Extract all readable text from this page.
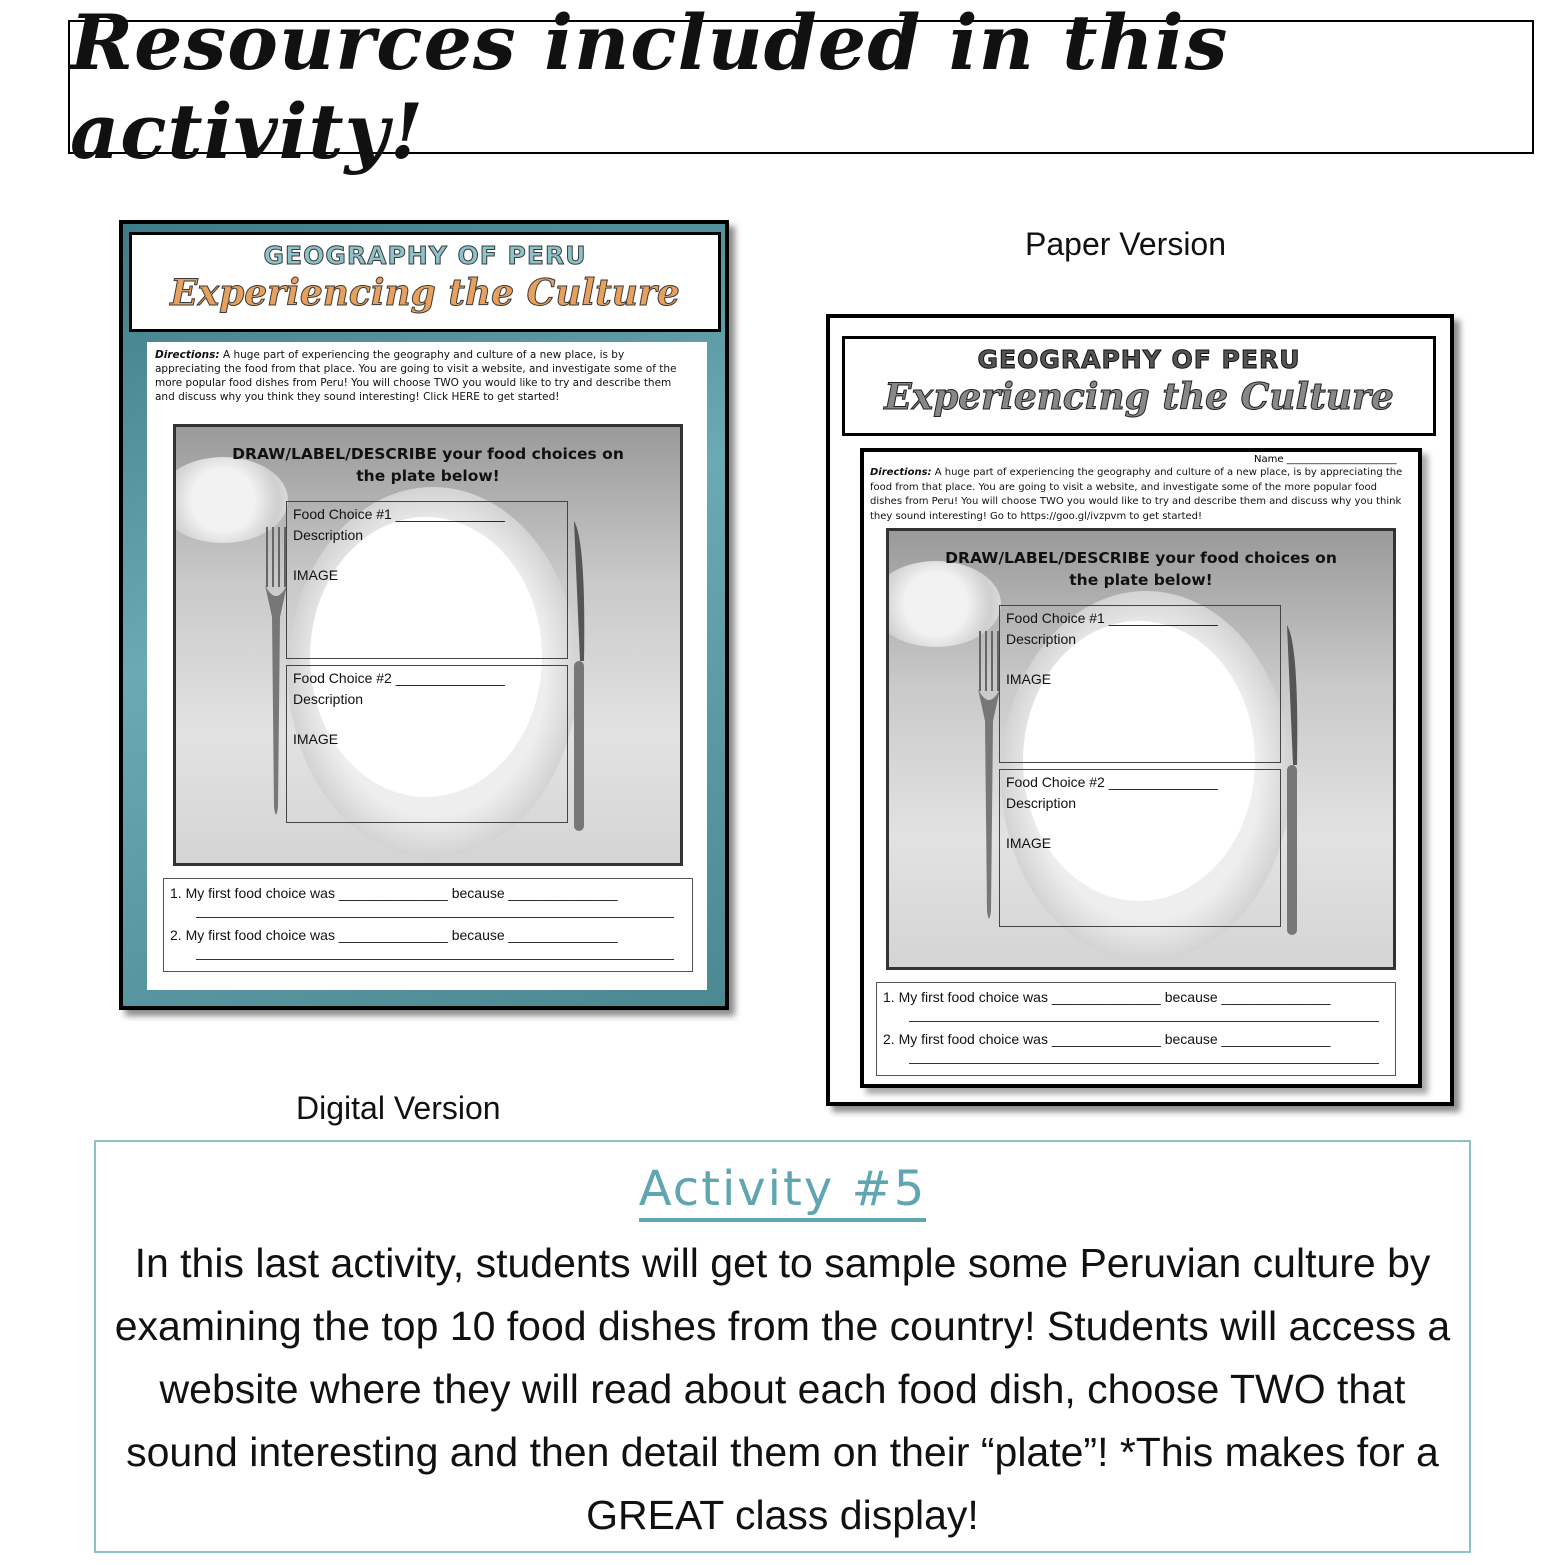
Resources included in this activity!
Paper Version
Digital Version
GEOGRAPHY OF PERU
Experiencing the Culture
Directions: A huge part of experiencing the geography and culture of a new place, is by appreciating the food from that place. You are going to visit a website, and investigate some of the more popular food dishes from Peru! You will choose TWO you would like to try and describe them and discuss why you think they sound interesting! Click HERE to get started!
DRAW/LABEL/DESCRIBE your food choices on
the plate below!
Food Choice #1 ______________
Description
IMAGE
Food Choice #2 ______________
Description
IMAGE
1. My first food choice was ______________ because ______________
2. My first food choice was ______________ because ______________
GEOGRAPHY OF PERU
Experiencing the Culture
Name ______________________
Directions: A huge part of experiencing the geography and culture of a new place, is by appreciating the food from that place. You are going to visit a website, and investigate some of the more popular food dishes from Peru! You will choose TWO you would like to try and describe them and discuss why you think they sound interesting! Go to https://goo.gl/ivzpvm to get started!
DRAW/LABEL/DESCRIBE your food choices on
the plate below!
Food Choice #1 ______________
Description
IMAGE
Food Choice #2 ______________
Description
IMAGE
1. My first food choice was ______________ because ______________
2. My first food choice was ______________ because ______________
Activity #5
In this last activity, students will get to sample some Peruvian culture by examining the top 10 food dishes from the country! Students will access a website where they will read about each food dish, choose TWO that sound interesting and then detail them on their “plate”! *This makes for a GREAT class display!
